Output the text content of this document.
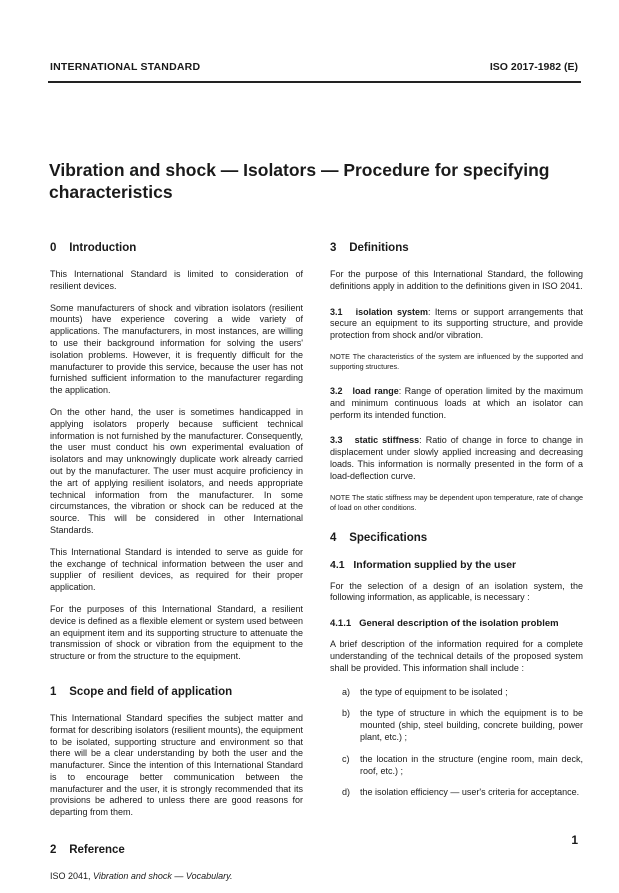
INTERNATIONAL STANDARD	ISO 2017-1982 (E)
Vibration and shock — Isolators — Procedure for specifying characteristics
0 Introduction

This International Standard is limited to consideration of resilient devices.

Some manufacturers of shock and vibration isolators (resilient mounts) have experience covering a wide variety of applications. The manufacturers, in most instances, are willing to use their background information for solving the users' isolation problems. However, it is frequently difficult for the manufacturer to provide this service, because the user has not furnished sufficient information to the manufacturer regarding the application.

On the other hand, the user is sometimes handicapped in applying isolators properly because sufficient technical information is not furnished by the manufacturer. Consequently, the user must conduct his own experimental evaluation of isolators and may unknowingly duplicate work already carried out by the manufacturer. The user must acquire proficiency in the art of applying resilient isolators, and needs appropriate technical information from the manufacturer. In some circumstances, the vibration or shock can be reduced at the source. This will be considered in other International Standards.

This International Standard is intended to serve as guide for the exchange of technical information between the user and supplier of resilient devices, as required for their proper application.

For the purposes of this International Standard, a resilient device is defined as a flexible element or system used between an equipment item and its supporting structure to attenuate the transmission of shock or vibration from the equipment to the structure or from the structure to the equipment.

1 Scope and field of application

This International Standard specifies the subject matter and format for describing isolators (resilient mounts), the equipment to be isolated, supporting structure and environment so that there will be a clear understanding by both the user and the manufacturer. Since the intention of this International Standard is to encourage better communication between the manufacturer and the user, it is strongly recommended that its provisions be adhered to unless there are good reasons for departing from them.

2 Reference

ISO 2041, Vibration and shock — Vocabulary.

3 Definitions

For the purpose of this International Standard, the following definitions apply in addition to the definitions given in ISO 2041.

3.1 isolation system: Items or support arrangements that secure an equipment to its supporting structure, and provide protection from shock and/or vibration.

NOTE The characteristics of the system are influenced by the supported and supporting structures.

3.2 load range: Range of operation limited by the maximum and minimum continuous loads at which an isolator can perform its intended function.

3.3 static stiffness: Ratio of change in force to change in displacement under slowly applied increasing and decreasing loads. This information is normally presented in the form of a load-deflection curve.

NOTE The static stiffness may be dependent upon temperature, rate of change of load on other conditions.

4 Specifications
4.1 Information supplied by the user

For the selection of a design of an isolation system, the following information, as applicable, is necessary :

4.1.1 General description of the isolation problem

A brief description of the information required for a complete understanding of the technical details of the proposed system shall be provided. This information shall include :

a)	the type of equipment to be isolated ;
b)	the type of structure in which the equipment is to be mounted (ship, steel building, concrete building, power plant, etc.) ;
c)	the location in the structure (engine room, main deck, roof, etc.) ;
d)	the isolation efficiency — user's criteria for acceptance.
1
